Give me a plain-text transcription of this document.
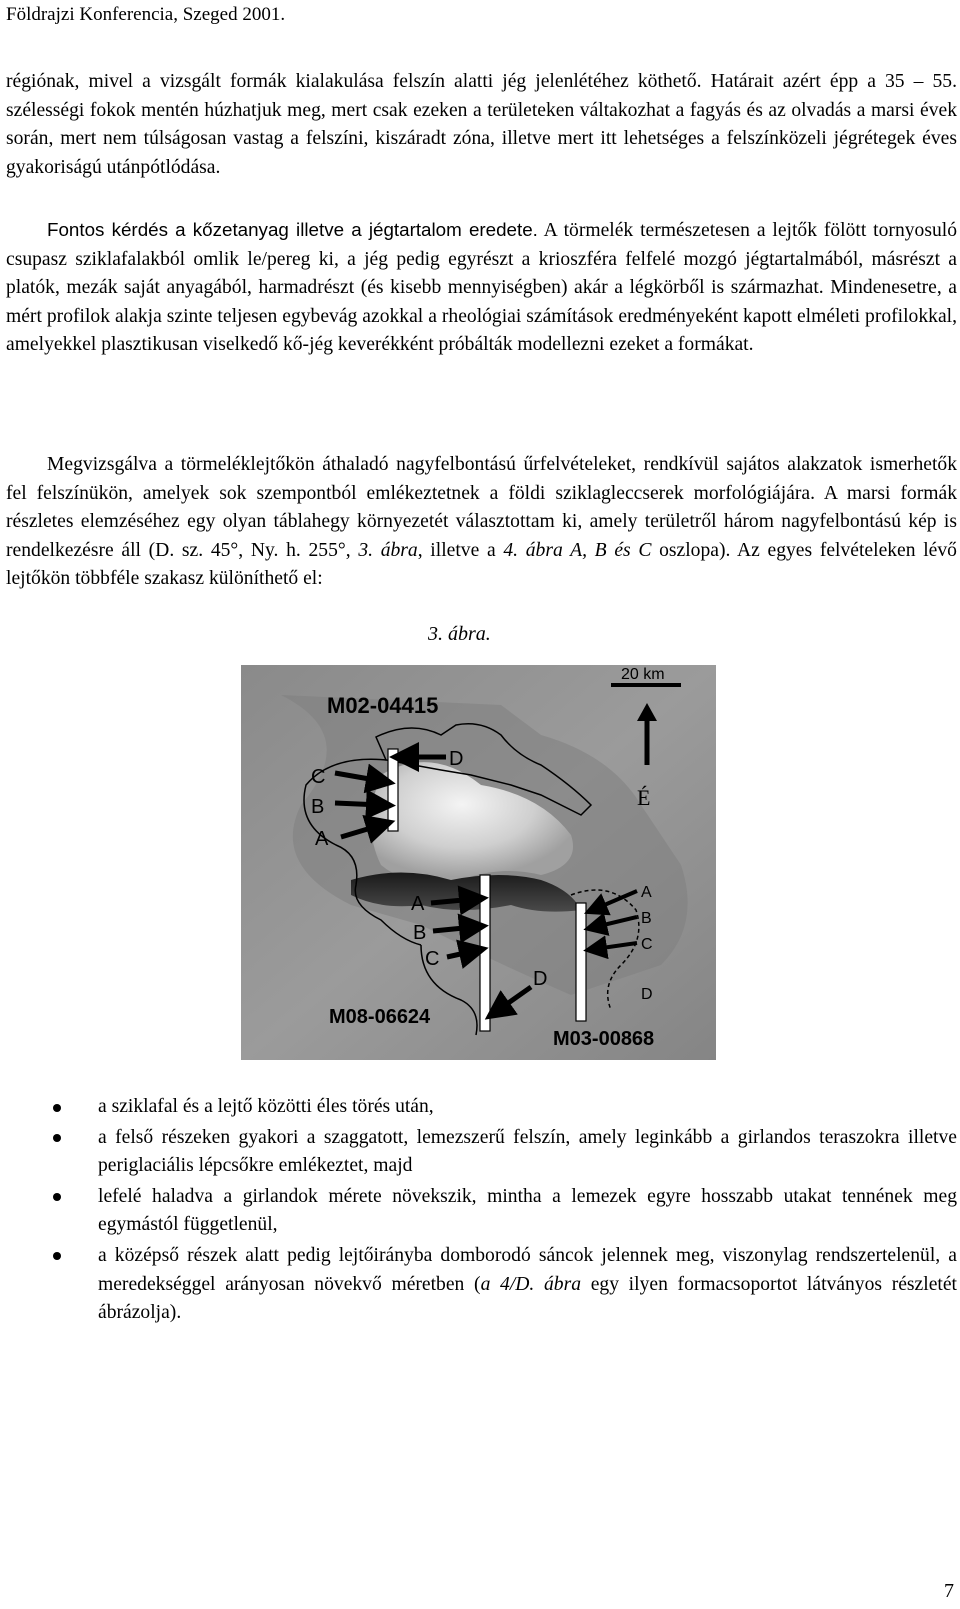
Földrajzi Konferencia, Szeged 2001.

régiónak, mivel a vizsgált formák kialakulása felszín alatti jég jelenlétéhez köthető. Határait azért épp a 35 – 55. szélességi fokok mentén húzhatjuk meg, mert csak ezeken a területeken váltakozhat a fagyás és az olvadás a marsi évek során, mert nem túlságosan vastag a felszíni, kiszáradt zóna, illetve mert itt lehetséges a felszínközeli jégrétegek éves gyakoriságú utánpótlódása.

Fontos kérdés a kőzetanyag illetve a jégtartalom eredete. A törmelék természetesen a lejtők fölött tornyosuló csupasz sziklafalakból omlik le/pereg ki, a jég pedig egyrészt a krioszféra felfelé mozgó jégtartalmából, másrészt a platók, mezák saját anyagából, harmadrészt (és kisebb mennyiségben) akár a légkörből is származhat. Mindenesetre, a mért profilok alakja szinte teljesen egybevág azokkal a rheológiai számítások eredményeként kapott elméleti profilokkal, amelyekkel plasztikusan viselkedő kő-jég keverékként próbálták modellezni ezeket a formákat.

Megvizsgálva a törmeléklejtőkön áthaladó nagyfelbontású űrfelvételeket, rendkívül sajátos alakzatok ismerhetők fel felszínükön, amelyek sok szempontból emlékeztetnek a földi sziklagleccserek morfológiájára. A marsi formák részletes elemzéséhez egy olyan táblahegy környezetét választottam ki, amely területről három nagyfelbontású kép is rendelkezésre áll (D. sz. 45°, Ny. h. 255°, 3. ábra, illetve a 4. ábra A, B és C oszlopa). Az egyes felvételeken lévő lejtőkön többféle szakasz különíthető el:

3. ábra.
M02-04415
M08-06624
M03-00868
20 km
É
C
B
A
D
A
B
C
D
A
B
C
D
a sziklafal és a lejtő közötti éles törés után,
a felső részeken gyakori a szaggatott, lemezszerű felszín, amely leginkább a girlandos teraszokra illetve periglaciális lépcsőkre emlékeztet, majd
lefelé haladva a girlandok mérete növekszik, mintha a lemezek egyre hosszabb utakat tennének meg egymástól függetlenül,
a középső részek alatt pedig lejtőirányba domborodó sáncok jelennek meg, viszonylag rendszertelenül, a meredekséggel arányosan növekvő méretben (a 4/D. ábra egy ilyen formacsoportot látványos részletét ábrázolja).
7
